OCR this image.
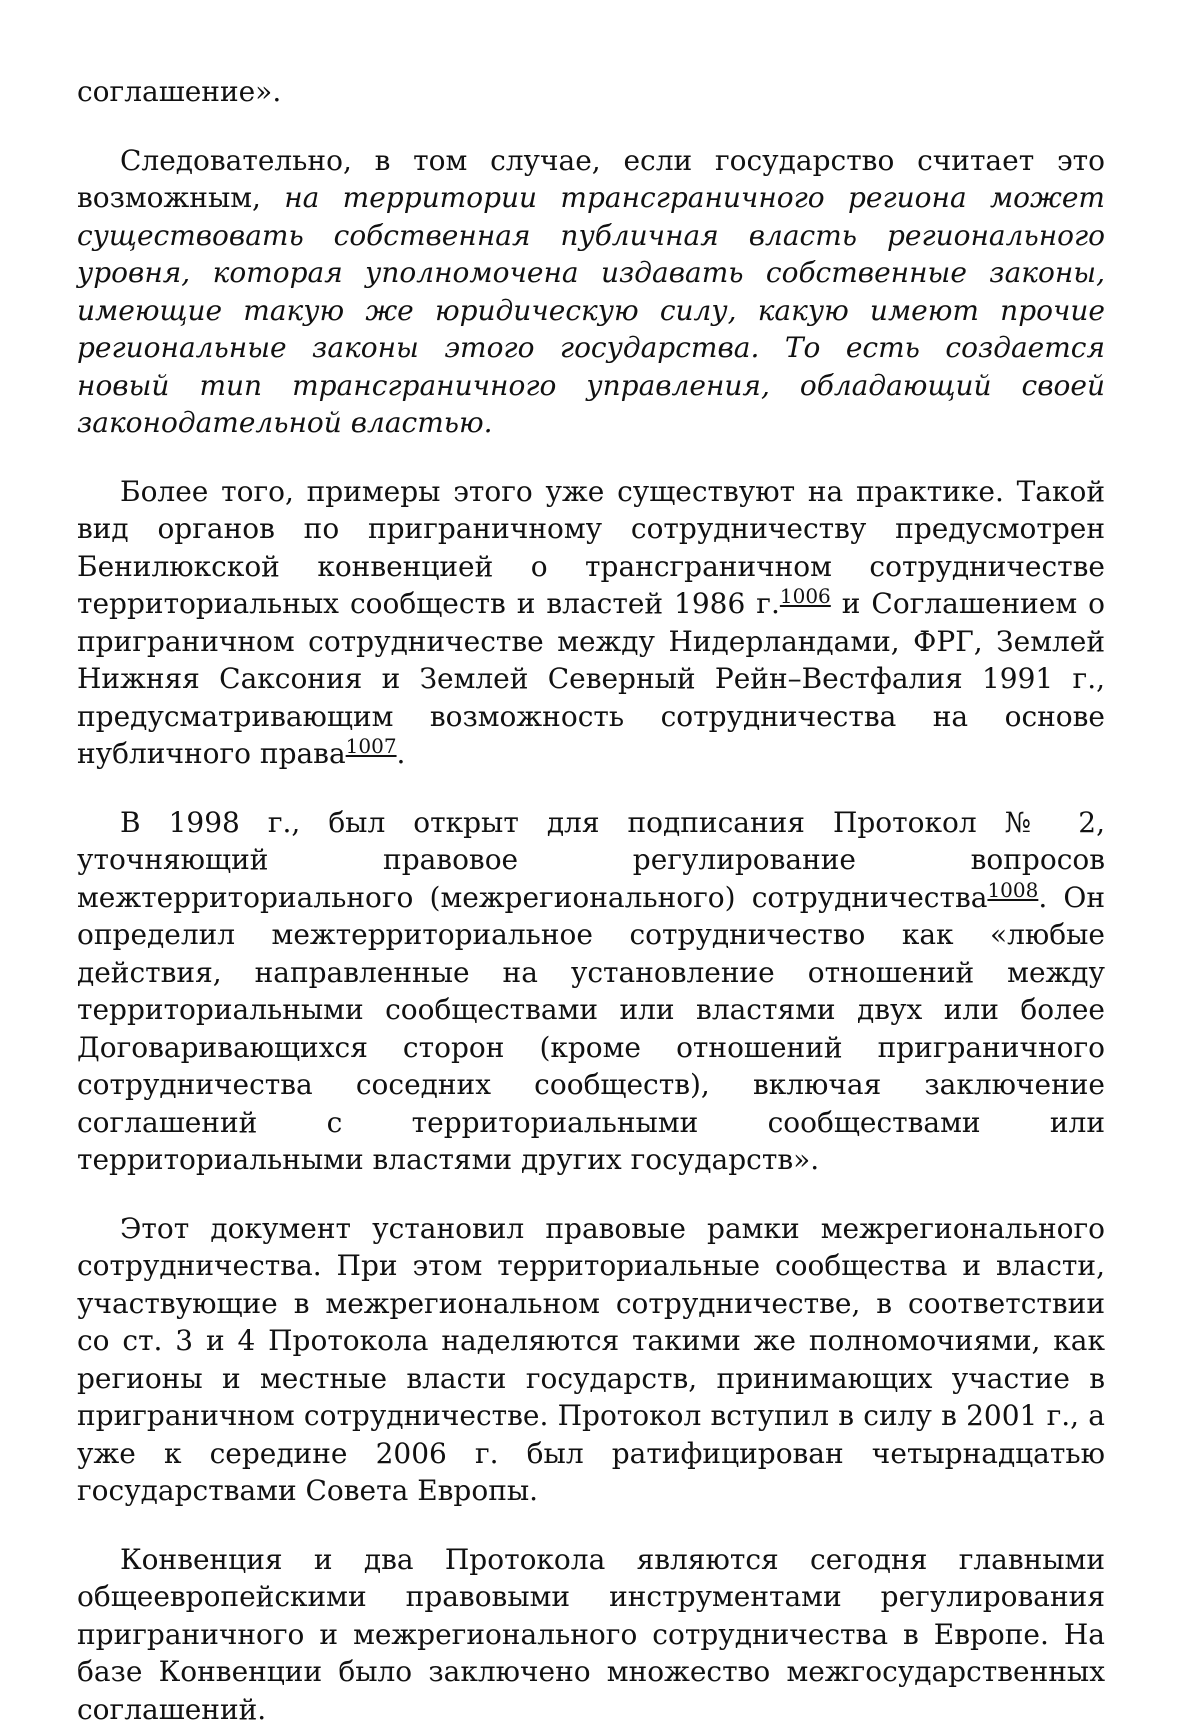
соглашение».

Следовательно, в том случае, если государство считает это возможным, на территории трансграничного региона может существовать собственная публичная власть регионального уровня, которая уполномочена издавать собственные законы, имеющие такую же юридическую силу, какую имеют прочие региональные законы этого государства. То есть создается новый тип трансграничного управления, обладающий своей законодательной властью.

Более того, примеры этого уже существуют на практике. Такой вид органов по приграничному сотрудничеству предусмотрен Бенилюкской конвенцией о трансграничном сотрудничестве территориальных сообществ и властей 1986 г.$^{1006}$ и Соглашением о приграничном сотрудничестве между Нидерландами, ФРГ, Землей Нижняя Саксония и Землей Северный Рейн–Вестфалия 1991 г., предусматривающим возможность сотрудничества на основе нубличного права$^{1007}$.

В 1998 г., был открыт для подписания Протокол № 2, уточняющий правовое регулирование вопросов межтерриториального (межрегионального) сотрудничества$^{1008}$. Он определил межтерриториальное сотрудничество как «любые действия, направленные на установление отношений между территориальными сообществами или властями двух или более Договаривающихся сторон (кроме отношений приграничного сотрудничества соседних сообществ), включая заключение соглашений с территориальными сообществами или территориальными властями других государств».

Этот документ установил правовые рамки межрегионального сотрудничества. При этом территориальные сообщества и власти, участвующие в межрегиональном сотрудничестве, в соответствии со ст. 3 и 4 Протокола наделяются такими же полномочиями, как регионы и местные власти государств, принимающих участие в приграничном сотрудничестве. Протокол вступил в силу в 2001 г., а уже к середине 2006 г. был ратифицирован четырнадцатью государствами Совета Европы.

Конвенция и два Протокола являются сегодня главными общеевропейскими правовыми инструментами регулирования приграничного и межрегионального сотрудничества в Европе. На базе Конвенции было заключено множество межгосударственных соглашений.
